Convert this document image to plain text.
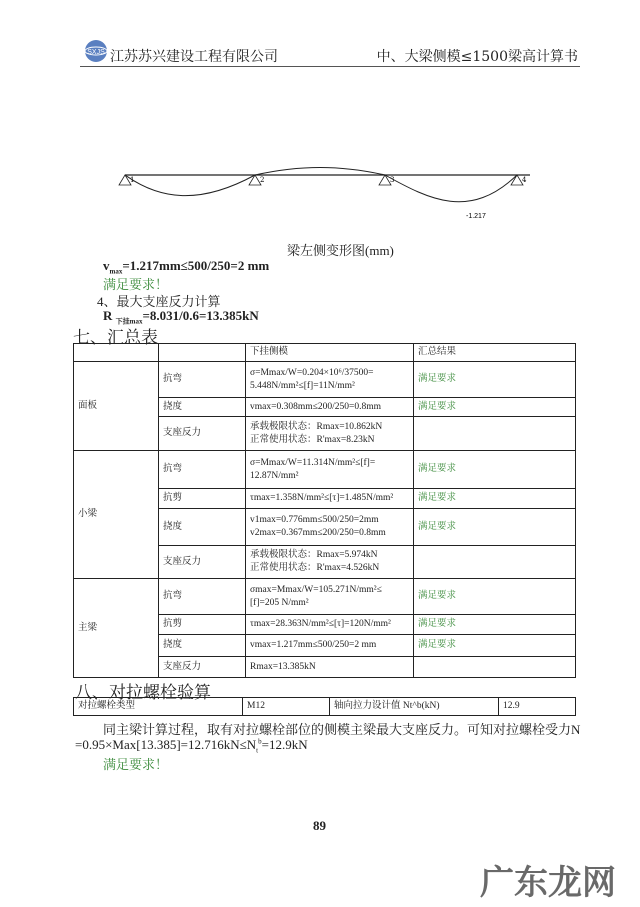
SXJS 江苏苏兴建设工程有限公司	中、大梁侧模≤1500梁高计算书
1	2	3	4
-1.217
梁左侧变形图(mm)
$v_{max}=1.217mm\le 500/250=2$ mm
满足要求！
4、最大支座反力计算
R $_{下挂max}$=8.031/0.6=13.385kN
七、汇总表
		下挂侧模	汇总结果
面板	抗弯	σ=Mmax/W=0.204×10⁶/37500=
5.448N/mm²≤[f]=11N/mm²	满足要求
	挠度	vmax=0.308mm≤200/250=0.8mm	满足要求
	支座反力	承载极限状态：Rmax=10.862kN
正常使用状态：R'max=8.23kN	

小梁	抗弯	σ=Mmax/W=11.314N/mm²≤[f]=
12.87N/mm²	满足要求
	抗剪	τmax=1.358N/mm²≤[τ]=1.485N/mm²	满足要求
	挠度	v1max=0.776mm≤500/250=2mm
v2max=0.367mm≤200/250=0.8mm	满足要求
	支座反力	承载极限状态：Rmax=5.974kN
正常使用状态：R'max=4.526kN	

主梁	抗弯	σmax=Mmax/W=105.271N/mm²≤
[f]=205 N/mm²	满足要求
	抗剪	τmax=28.363N/mm²≤[τ]=120N/mm²	满足要求
	挠度	vmax=1.217mm≤500/250=2 mm	满足要求
	支座反力	Rmax=13.385kN	

八、对拉螺栓验算
对拉螺栓类型	M12	轴向拉力设计值 Nt^b(kN)	12.9
同主梁计算过程，取有对拉螺栓部位的侧模主梁最大支座反力。可知对拉螺栓受力N
$=0.95\times Max[13.385]=12.716kN\le N_t^b=12.9kN$
满足要求！
89
广东龙网
